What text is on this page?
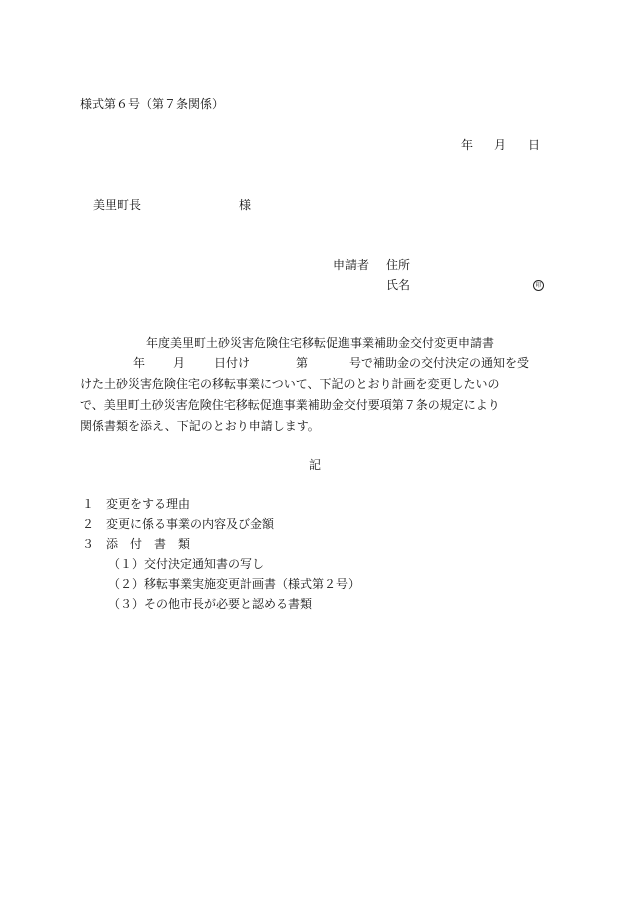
様式第６号（第７条関係）
年 月 日
美里町長	様
申請者 住所
氏名	印
年度美里町土砂災害危険住宅移転促進事業補助金交付変更申請書
年 月 日付け	第	号で補助金の交付決定の通知を受
けた土砂災害危険住宅の移転事業について、下記のとおり計画を変更したいの
で、美里町土砂災害危険住宅移転促進事業補助金交付要項第７条の規定により
関係書類を添え、下記のとおり申請します。
記
１ 変更をする理由
２ 変更に係る事業の内容及び金額
３ 添　付　書　類
（１）交付決定通知書の写し
（２）移転事業実施変更計画書（様式第２号）
（３）その他市長が必要と認める書類
